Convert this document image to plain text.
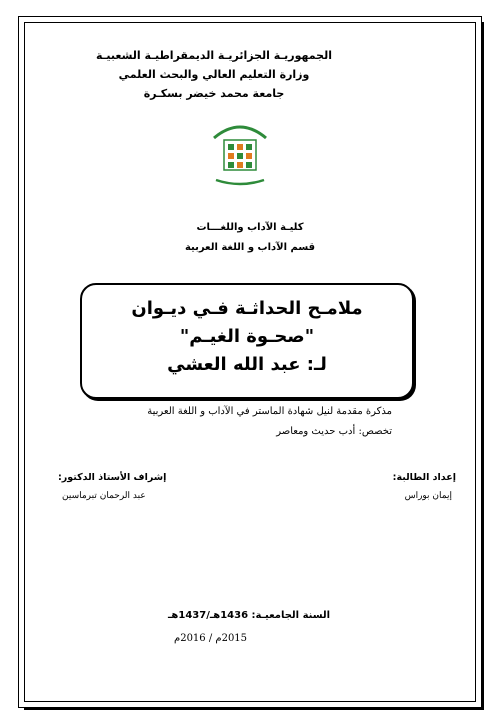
الجمهوريـة الجزائريـة الديمقراطيـة الشعبيـة
وزارة التعليم العالي والبحث العلمي
جامعة محمد خيضر بسكـرة
كليـة الآداب واللغـــات
قسم الآداب و اللغة العربية
ملامـح الحداثـة فـي ديـوان
"صحـوة الغيـم"
لـ: عبد الله العشي
مذكرة مقدمة لنيل شهادة الماستر في الآداب و اللغة العربية
تخصص: أدب حديث ومعاصر
إعداد الطالبة:
إيمان بوراس
إشراف الأستاذ الدكتور:
عبد الرحمان تبرماسين
السنة الجامعيـة: 1436هـ/1437هـ
2015م / 2016م
